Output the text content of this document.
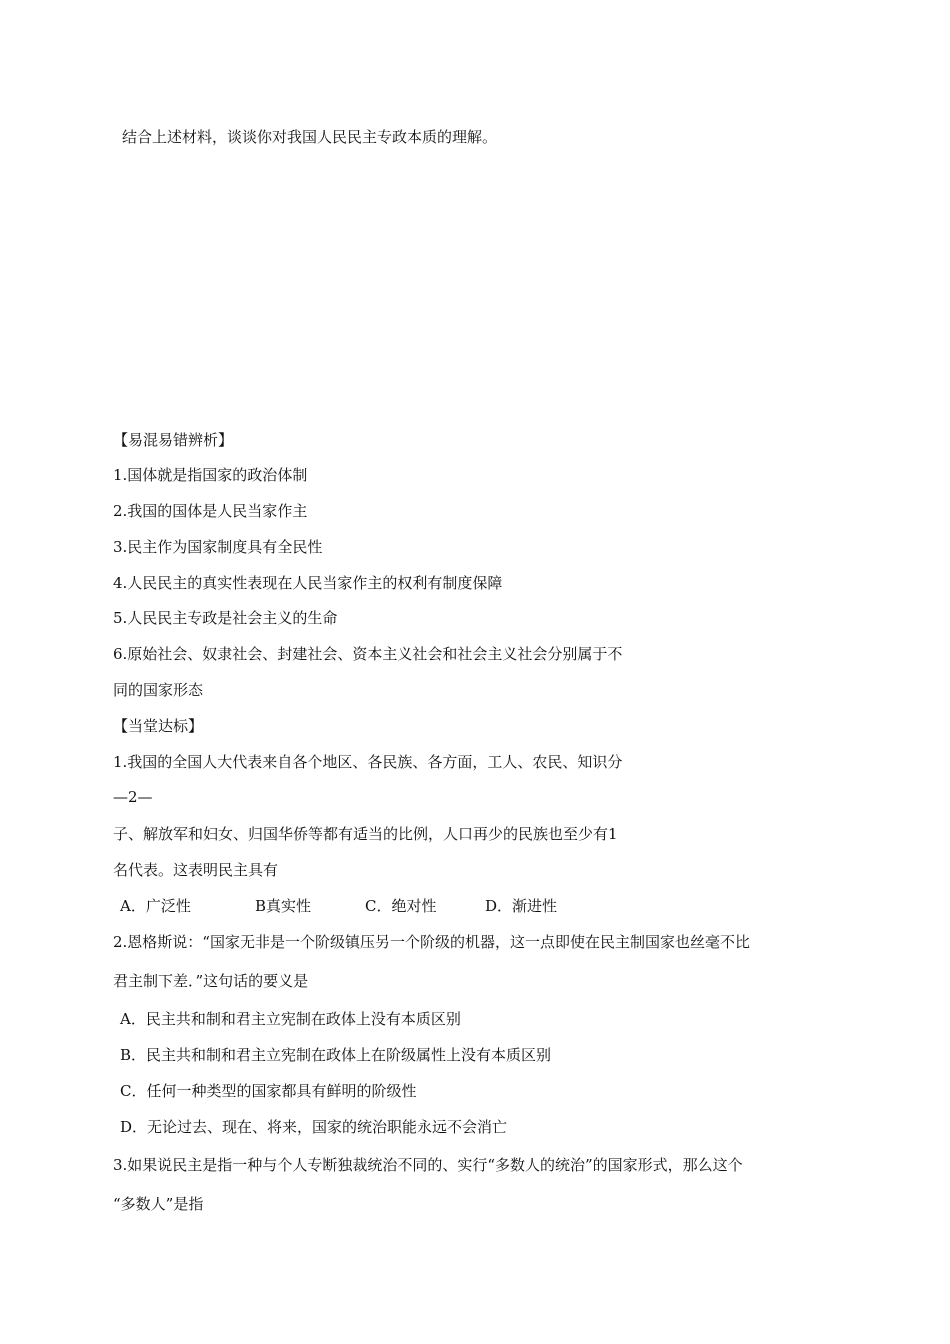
结合上述材料，谈谈你对我国人民民主专政本质的理解。
【易混易错辨析】
1.国体就是指国家的政治体制
2.我国的国体是人民当家作主
3.民主作为国家制度具有全民性
4.人民民主的真实性表现在人民当家作主的权利有制度保障
5.人民民主专政是社会主义的生命
6.原始社会、奴隶社会、封建社会、资本主义社会和社会主义社会分别属于不
同的国家形态
【当堂达标】
1.我国的全国人大代表来自各个地区、各民族、各方面，工人、农民、知识分
—2—
子、解放军和妇女、归国华侨等都有适当的比例，人口再少的民族也至少有1
名代表。这表明民主具有
A．广泛性	B真实性	C．绝对性	D．渐进性
2.恩格斯说：“国家无非是一个阶级镇压另一个阶级的机器，这一点即使在民主制国家也丝毫不比
君主制下差．”这句话的要义是
A．民主共和制和君主立宪制在政体上没有本质区别
B．民主共和制和君主立宪制在政体上在阶级属性上没有本质区别
C．任何一种类型的国家都具有鲜明的阶级性
D．无论过去、现在、将来，国家的统治职能永远不会消亡
3.如果说民主是指一种与个人专断独裁统治不同的、实行“多数人的统治”的国家形式，那么这个
“多数人”是指
